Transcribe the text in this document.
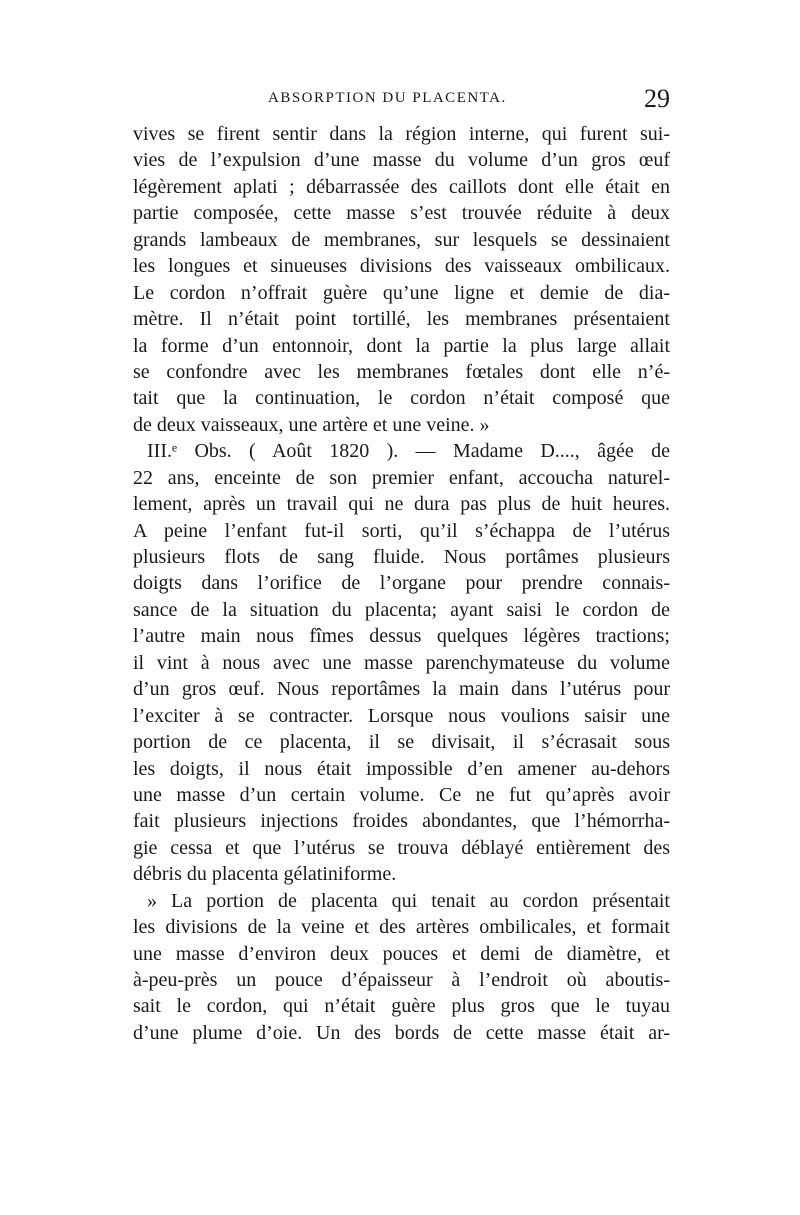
ABSORPTION DU PLACENTA.	29
vives se firent sentir dans la région interne, qui furent sui-
vies de l’expulsion d’une masse du volume d’un gros œuf
légèrement aplati ; débarrassée des caillots dont elle était en
partie composée, cette masse s’est trouvée réduite à deux
grands lambeaux de membranes, sur lesquels se dessinaient
les longues et sinueuses divisions des vaisseaux ombilicaux.
Le cordon n’offrait guère qu’une ligne et demie de dia-
mètre. Il n’était point tortillé, les membranes présentaient
la forme d’un entonnoir, dont la partie la plus large allait
se confondre avec les membranes fœtales dont elle n’é-
tait que la continuation, le cordon n’était composé que
de deux vaisseaux, une artère et une veine. »
III.ᵉ Obs. ( Août 1820 ). — Madame D...., âgée de
22 ans, enceinte de son premier enfant, accoucha naturel-
lement, après un travail qui ne dura pas plus de huit heures.
A peine l’enfant fut-il sorti, qu’il s’échappa de l’utérus
plusieurs flots de sang fluide. Nous portâmes plusieurs
doigts dans l’orifice de l’organe pour prendre connais-
sance de la situation du placenta; ayant saisi le cordon de
l’autre main nous fîmes dessus quelques légères tractions;
il vint à nous avec une masse parenchymateuse du volume
d’un gros œuf. Nous reportâmes la main dans l’utérus pour
l’exciter à se contracter. Lorsque nous voulions saisir une
portion de ce placenta, il se divisait, il s’écrasait sous
les doigts, il nous était impossible d’en amener au-dehors
une masse d’un certain volume. Ce ne fut qu’après avoir
fait plusieurs injections froides abondantes, que l’hémorrha-
gie cessa et que l’utérus se trouva déblayé entièrement des
débris du placenta gélatiniforme.
» La portion de placenta qui tenait au cordon présentait
les divisions de la veine et des artères ombilicales, et formait
une masse d’environ deux pouces et demi de diamètre, et
à-peu-près un pouce d’épaisseur à l’endroit où aboutis-
sait le cordon, qui n’était guère plus gros que le tuyau
d’une plume d’oie. Un des bords de cette masse était ar-
